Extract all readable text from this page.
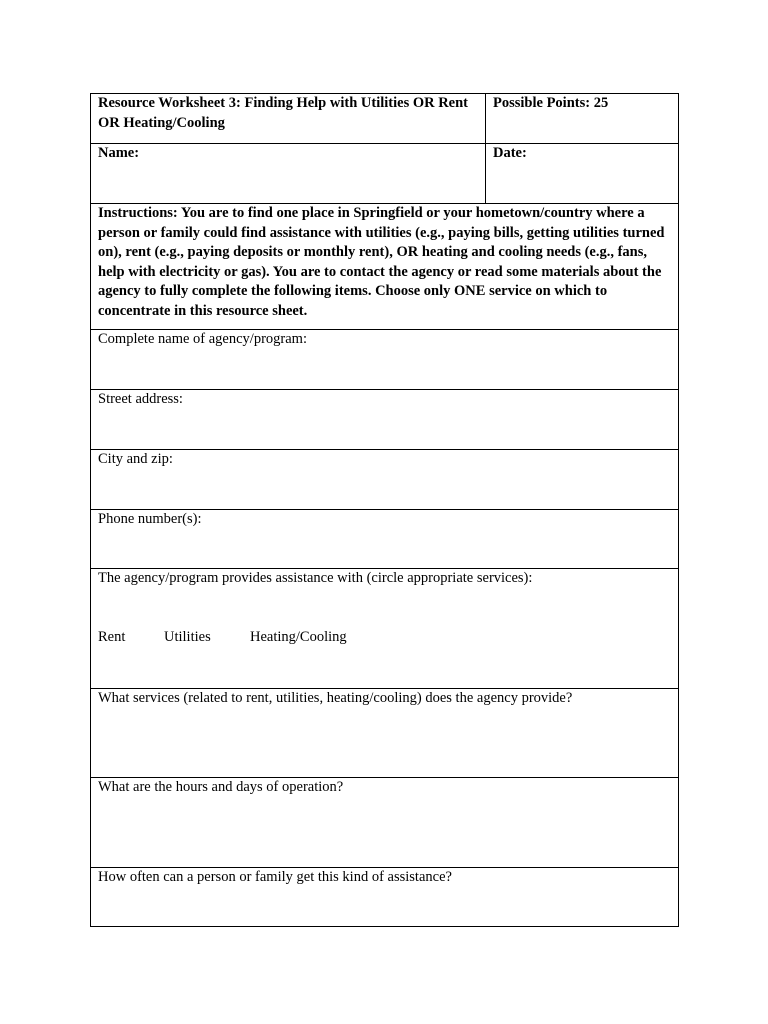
Resource Worksheet 3: Finding Help with Utilities OR Rent OR Heating/Cooling	Possible Points: 25
Name:	Date:
Instructions: You are to find one place in Springfield or your hometown/country where a person or family could find assistance with utilities (e.g., paying bills, getting utilities turned on), rent (e.g., paying deposits or monthly rent), OR heating and cooling needs (e.g., fans, help with electricity or gas). You are to contact the agency or read some materials about the agency to fully complete the following items. Choose only ONE service on which to concentrate in this resource sheet.	
Complete name of agency/program:	
Street address:	
City and zip:	
Phone number(s):	

The agency/program provides assistance with (circle appropriate services):
Rent Utilities Heating/Cooling	

What services (related to rent, utilities, heating/cooling) does the agency provide?	
What are the hours and days of operation?	
How often can a person or family get this kind of assistance?	
